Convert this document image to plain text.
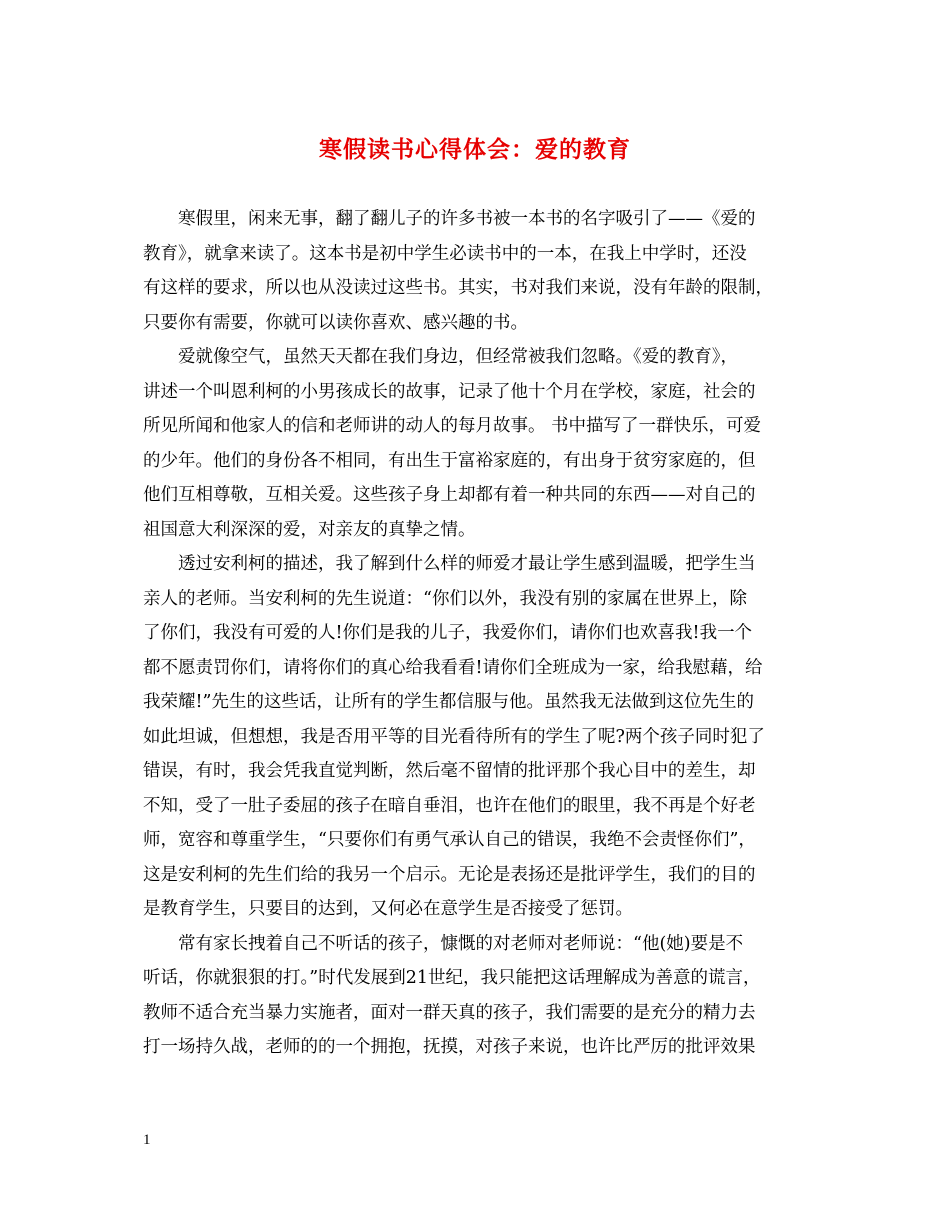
寒假读书心得体会：爱的教育
寒假里，闲来无事，翻了翻儿子的许多书被一本书的名字吸引了——《爱的
教育》，就拿来读了。这本书是初中学生必读书中的一本，在我上中学时，还没
有这样的要求，所以也从没读过这些书。其实，书对我们来说，没有年龄的限制，
只要你有需要，你就可以读你喜欢、感兴趣的书。
爱就像空气，虽然天天都在我们身边，但经常被我们忽略。《爱的教育》，
讲述一个叫恩利柯的小男孩成长的故事，记录了他十个月在学校，家庭，社会的
所见所闻和他家人的信和老师讲的动人的每月故事。 书中描写了一群快乐，可爱
的少年。他们的身份各不相同，有出生于富裕家庭的，有出身于贫穷家庭的，但
他们互相尊敬，互相关爱。这些孩子身上却都有着一种共同的东西——对自己的
祖国意大利深深的爱，对亲友的真挚之情。
透过安利柯的描述，我了解到什么样的师爱才最让学生感到温暖，把学生当
亲人的老师。当安利柯的先生说道：“你们以外，我没有别的家属在世界上，除
了你们，我没有可爱的人!你们是我的儿子，我爱你们，请你们也欢喜我!我一个
都不愿责罚你们，请将你们的真心给我看看!请你们全班成为一家，给我慰藉，给
我荣耀!”先生的这些话，让所有的学生都信服与他。虽然我无法做到这位先生的
如此坦诚，但想想，我是否用平等的目光看待所有的学生了呢?两个孩子同时犯了
错误，有时，我会凭我直觉判断，然后毫不留情的批评那个我心目中的差生，却
不知，受了一肚子委屈的孩子在暗自垂泪，也许在他们的眼里，我不再是个好老
师，宽容和尊重学生，“只要你们有勇气承认自己的错误，我绝不会责怪你们”，
这是安利柯的先生们给的我另一个启示。无论是表扬还是批评学生，我们的目的
是教育学生，只要目的达到，又何必在意学生是否接受了惩罚。
常有家长拽着自己不听话的孩子，慷慨的对老师对老师说：“他(她)要是不
听话，你就狠狠的打。”时代发展到21世纪，我只能把这话理解成为善意的谎言，
教师不适合充当暴力实施者，面对一群天真的孩子，我们需要的是充分的精力去
打一场持久战，老师的的一个拥抱，抚摸，对孩子来说，也许比严厉的批评效果
1
